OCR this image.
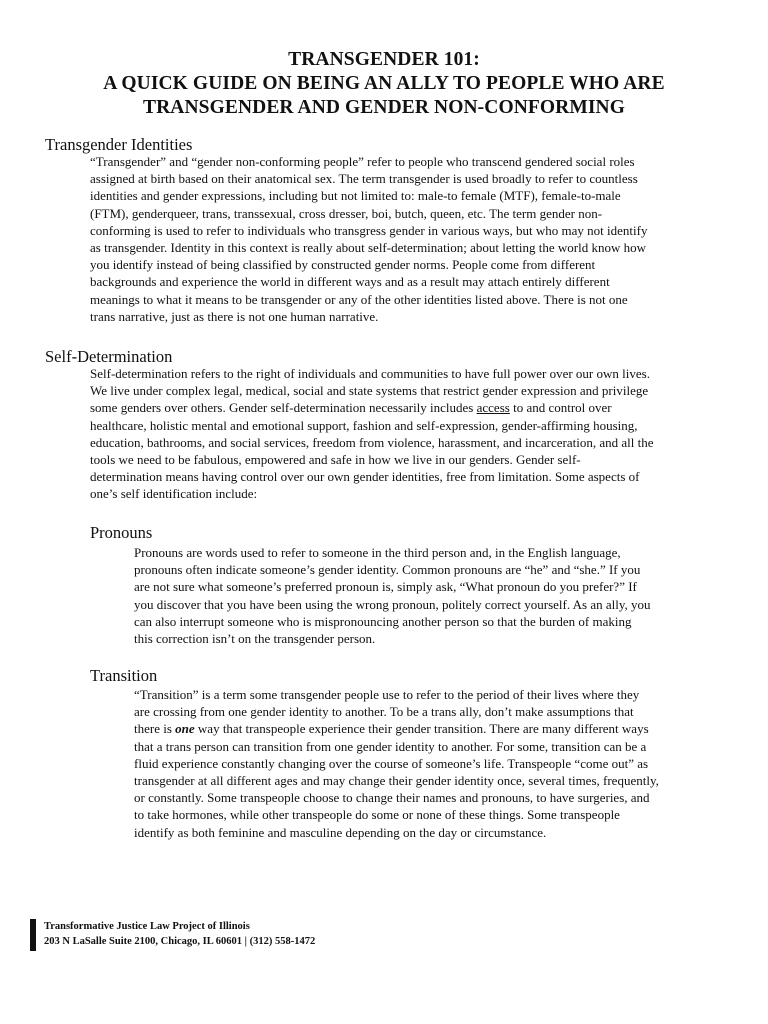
TRANSGENDER 101:
A QUICK GUIDE ON BEING AN ALLY TO PEOPLE WHO ARE
TRANSGENDER AND GENDER NON-CONFORMING
Transgender Identities
“Transgender” and “gender non-conforming people” refer to people who transcend gendered social roles
assigned at birth based on their anatomical sex. The term transgender is used broadly to refer to countless
identities and gender expressions, including but not limited to: male-to female (MTF), female-to-male
(FTM), genderqueer, trans, transsexual, cross dresser, boi, butch, queen, etc. The term gender non-
conforming is used to refer to individuals who transgress gender in various ways, but who may not identify
as transgender. Identity in this context is really about self-determination; about letting the world know how
you identify instead of being classified by constructed gender norms. People come from different
backgrounds and experience the world in different ways and as a result may attach entirely different
meanings to what it means to be transgender or any of the other identities listed above. There is not one
trans narrative, just as there is not one human narrative.
Self-Determination
Self-determination refers to the right of individuals and communities to have full power over our own lives.
We live under complex legal, medical, social and state systems that restrict gender expression and privilege
some genders over others. Gender self-determination necessarily includes access to and control over
healthcare, holistic mental and emotional support, fashion and self-expression, gender-affirming housing,
education, bathrooms, and social services, freedom from violence, harassment, and incarceration, and all the
tools we need to be fabulous, empowered and safe in how we live in our genders. Gender self-
determination means having control over our own gender identities, free from limitation. Some aspects of
one’s self identification include:
Pronouns
Pronouns are words used to refer to someone in the third person and, in the English language,
pronouns often indicate someone’s gender identity. Common pronouns are “he” and “she.” If you
are not sure what someone’s preferred pronoun is, simply ask, “What pronoun do you prefer?” If
you discover that you have been using the wrong pronoun, politely correct yourself. As an ally, you
can also interrupt someone who is mispronouncing another person so that the burden of making
this correction isn’t on the transgender person.
Transition
“Transition” is a term some transgender people use to refer to the period of their lives where they
are crossing from one gender identity to another. To be a trans ally, don’t make assumptions that
there is one way that transpeople experience their gender transition. There are many different ways
that a trans person can transition from one gender identity to another. For some, transition can be a
fluid experience constantly changing over the course of someone’s life. Transpeople “come out” as
transgender at all different ages and may change their gender identity once, several times, frequently,
or constantly. Some transpeople choose to change their names and pronouns, to have surgeries, and
to take hormones, while other transpeople do some or none of these things. Some transpeople
identify as both feminine and masculine depending on the day or circumstance.
Transformative Justice Law Project of Illinois
203 N LaSalle Suite 2100, Chicago, IL 60601 | (312) 558-1472
